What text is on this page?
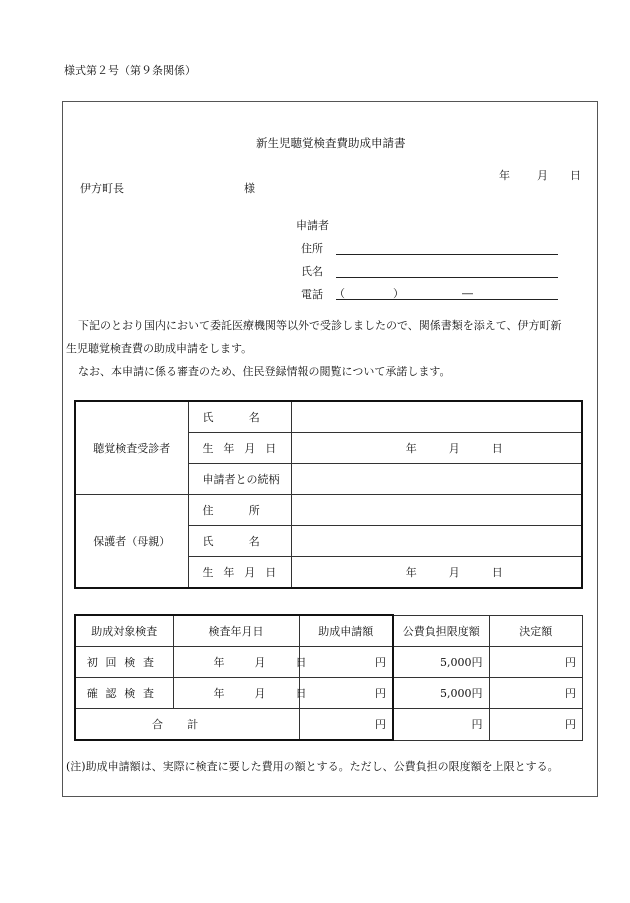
様式第２号（第９条関係）
新生児聴覚検査費助成申請書
年 月 日
伊方町長	様
申請者
住所
氏名
電話 （	）	―
下記のとおり国内において委託医療機関等以外で受診しましたので、関係書類を添えて、伊方町新
生児聴覚検査費の助成申請をします。
なお、本申請に係る審査のため、住民登録情報の閲覧について承諾します。
聴覚検査受診者	氏名	
	生年月日	年 月 日
	申請者との続柄	
保護者（母親）	住所	
	氏名	
	生年月日	年 月 日
助成対象検査	検査年月日	助成申請額	公費負担限度額	決定額
初回検査	年 月 日	円	5,000円	円
確認検査	年 月 日	円	5,000円	円
合計		円	円	円
(注)助成申請額は、実際に検査に要した費用の額とする。ただし、公費負担の限度額を上限とする。
